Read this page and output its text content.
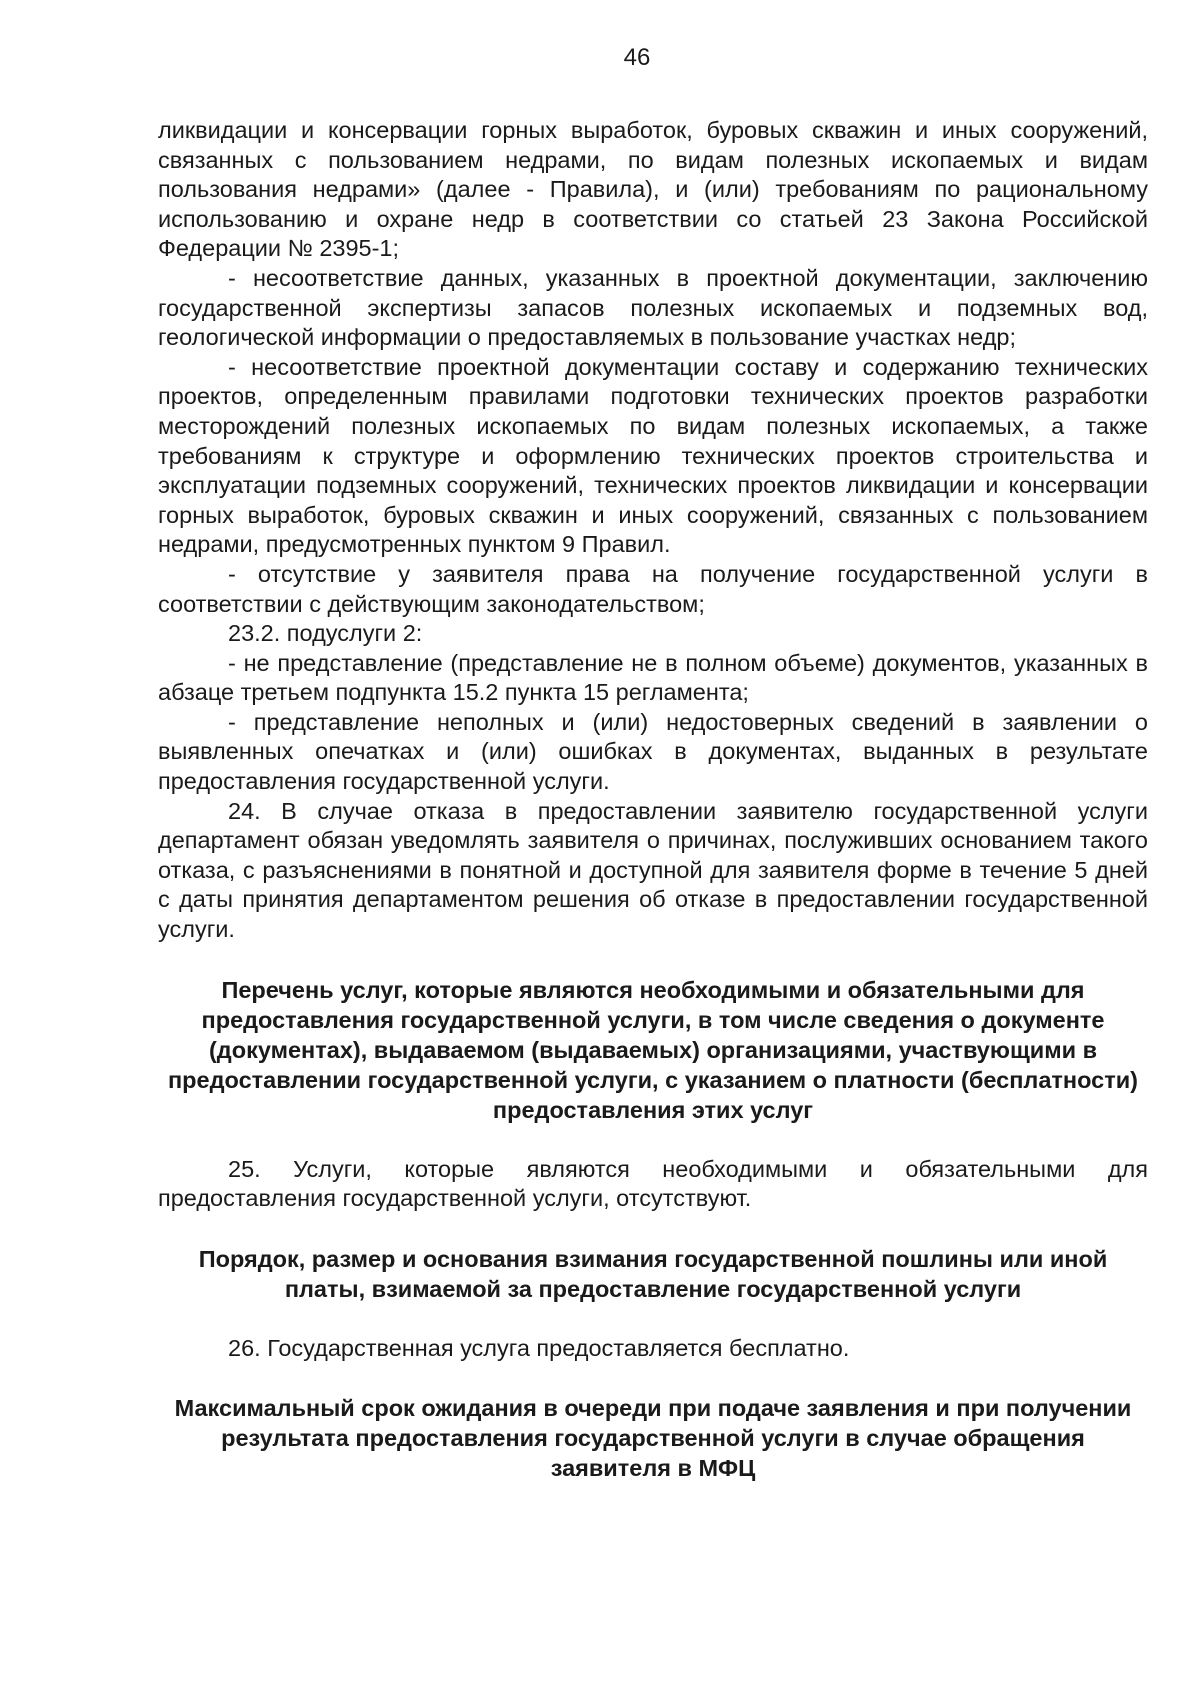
46

ликвидации и консервации горных выработок, буровых скважин и иных сооружений, связанных с пользованием недрами, по видам полезных ископаемых и видам пользования недрами» (далее - Правила), и (или) требованиям по рациональному использованию и охране недр в соответствии со статьей 23 Закона Российской Федерации № 2395-1;

- несоответствие данных, указанных в проектной документации, заключению государственной экспертизы запасов полезных ископаемых и подземных вод, геологической информации о предоставляемых в пользование участках недр;

- несоответствие проектной документации составу и содержанию технических проектов, определенным правилами подготовки технических проектов разработки месторождений полезных ископаемых по видам полезных ископаемых, а также требованиям к структуре и оформлению технических проектов строительства и эксплуатации подземных сооружений, технических проектов ликвидации и консервации горных выработок, буровых скважин и иных сооружений, связанных с пользованием недрами, предусмотренных пунктом 9 Правил.

- отсутствие у заявителя права на получение государственной услуги в соответствии с действующим законодательством;

23.2. подуслуги 2:

- не представление (представление не в полном объеме) документов, указанных в абзаце третьем подпункта 15.2 пункта 15 регламента;

- представление неполных и (или) недостоверных сведений в заявлении о выявленных опечатках и (или) ошибках в документах, выданных в результате предоставления государственной услуги.

24. В случае отказа в предоставлении заявителю государственной услуги департамент обязан уведомлять заявителя о причинах, послуживших основанием такого отказа, с разъяснениями в понятной и доступной для заявителя форме в течение 5 дней с даты принятия департаментом решения об отказе в предоставлении государственной услуги.

Перечень услуг, которые являются необходимыми и обязательными для предоставления государственной услуги, в том числе сведения о документе (документах), выдаваемом (выдаваемых) организациями, участвующими в предоставлении государственной услуги, с указанием о платности (бесплатности) предоставления этих услуг

25. Услуги, которые являются необходимыми и обязательными для предоставления государственной услуги, отсутствуют.

Порядок, размер и основания взимания государственной пошлины или иной платы, взимаемой за предоставление государственной услуги

26. Государственная услуга предоставляется бесплатно.

Максимальный срок ожидания в очереди при подаче заявления и при получении результата предоставления государственной услуги в случае обращения заявителя в МФЦ
